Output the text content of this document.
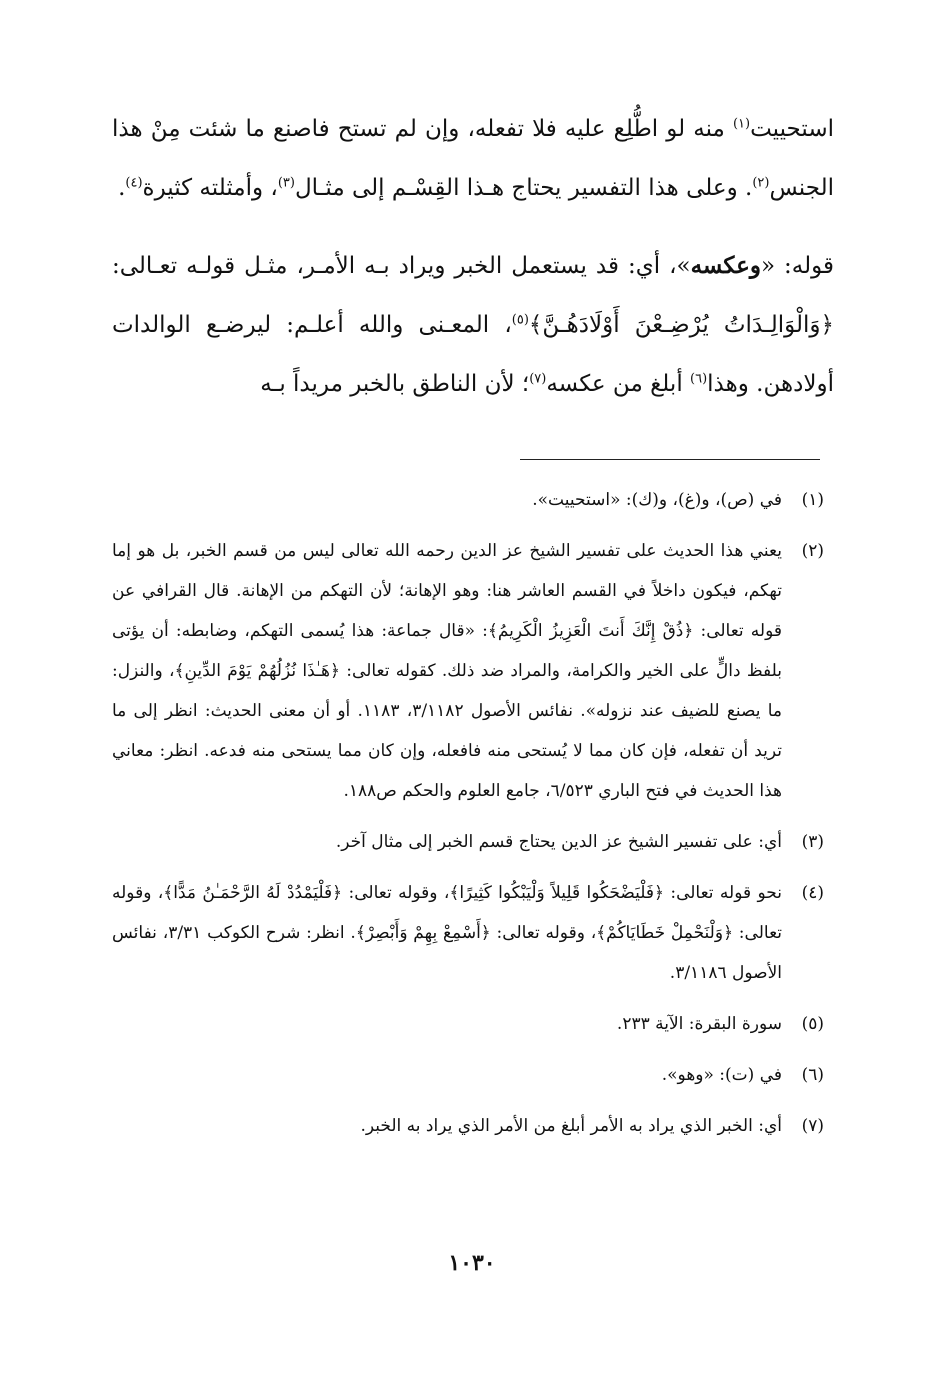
استحييت$^{(١)}$ منه لو اطُّلِع عليه فلا تفعله، وإن لم تستح فاصنع ما شئت مِنْ هذا الجنس$^{(٢)}$. وعلى هذا التفسير يحتاج هـذا القِسْـم إلى مثـال$^{(٣)}$، وأمثلته كثيرة$^{(٤)}$.

قوله: «وعكسه»، أي: قد يستعمل الخبر ويراد بـه الأمـر، مثـل قولـه تعـالى: ﴿وَالْوَالِـدَاتُ يُرْضِـعْنَ أَوْلَادَهُـنَّ﴾$^{(٥)}$، المعـنى والله أعلـم: ليرضـع الوالدات أولادهن. وهذا$^{(٦)}$ أبلغ من عكسه$^{(٧)}$؛ لأن الناطق بالخبر مريداً بـه

(١)
في (ص)، و(غ)، و(ك): «استحييت».
(٢)
يعني هذا الحديث على تفسير الشيخ عز الدين رحمه الله تعالى ليس من قسم الخبر، بل هو إما تهكم، فيكون داخلاً في القسم العاشر هنا: وهو الإهانة؛ لأن التهكم من الإهانة. قال القرافي عن قوله تعالى: ﴿ذُقْ إِنَّكَ أَنتَ الْعَزِيزُ الْكَرِيمُ﴾: «قال جماعة: هذا يُسمى التهكم، وضابطه: أن يؤتى بلفظ دالٍّ على الخير والكرامة، والمراد ضد ذلك. كقوله تعالى: ﴿هَـٰذَا نُزُلُهُمْ يَوْمَ الدِّينِ﴾، والنزل: ما يصنع للضيف عند نزوله». نفائس الأصول ٣/١١٨٢، ١١٨٣. أو أن معنى الحديث: انظر إلى ما تريد أن تفعله، فإن كان مما لا يُستحى منه فافعله، وإن كان مما يستحى منه فدعه. انظر: معاني هذا الحديث في فتح الباري ٦/٥٢٣، جامع العلوم والحكم ص١٨٨.
(٣)
أي: على تفسير الشيخ عز الدين يحتاج قسم الخبر إلى مثال آخر.
(٤)
نحو قوله تعالى: ﴿فَلْيَضْحَكُوا قَلِيلاً وَلْيَبْكُوا كَثِيرًا﴾، وقوله تعالى: ﴿فَلْيَمْدُدْ لَهُ الرَّحْمَـٰنُ مَدًّا﴾، وقوله تعالى: ﴿وَلْنَحْمِلْ خَطَايَاكُمْ﴾، وقوله تعالى: ﴿أَسْمِعْ بِهِمْ وَأَبْصِرْ﴾. انظر: شرح الكوكب ٣/٣١، نفائس الأصول ٣/١١٨٦.
(٥)
سورة البقرة: الآية ٢٣٣.
(٦)
في (ت): «وهو».
(٧)
أي: الخبر الذي يراد به الأمر أبلغ من الأمر الذي يراد به الخبر.
١٠٣٠
